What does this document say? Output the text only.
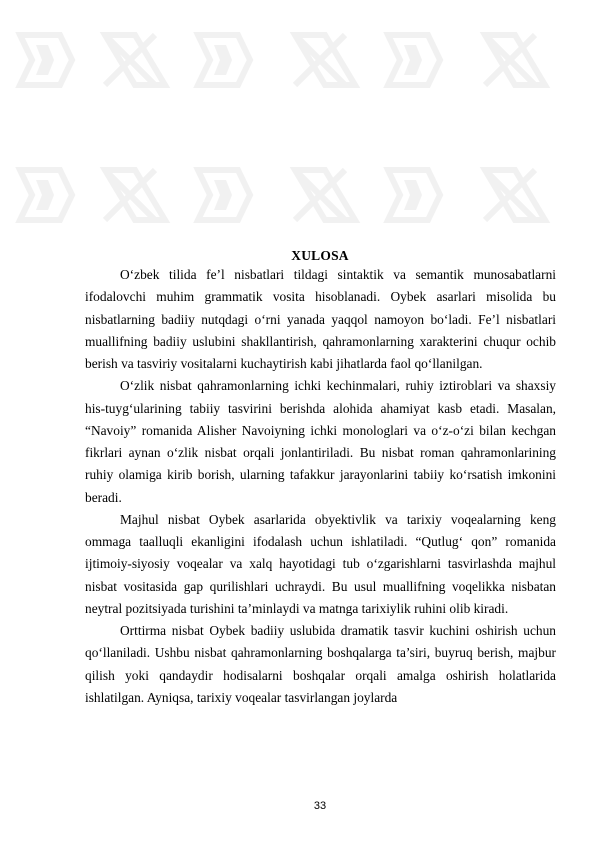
XULOSA

O‘zbek tilida fe’l nisbatlari tildagi sintaktik va semantik munosabatlarni ifodalovchi muhim grammatik vosita hisoblanadi. Oybek asarlari misolida bu nisbatlarning badiiy nutqdagi o‘rni yanada yaqqol namoyon bo‘ladi. Fe’l nisbatlari muallifning badiiy uslubini shakllantirish, qahramonlarning xarakterini chuqur ochib berish va tasviriy vositalarni kuchaytirish kabi jihatlarda faol qo‘llanilgan.

O‘zlik nisbat qahramonlarning ichki kechinmalari, ruhiy iztiroblari va shaxsiy his-tuyg‘ularining tabiiy tasvirini berishda alohida ahamiyat kasb etadi. Masalan, “Navoiy” romanida Alisher Navoiyning ichki monologlari va o‘z-o‘zi bilan kechgan fikrlari aynan o‘zlik nisbat orqali jonlantiriladi. Bu nisbat roman qahramonlarining ruhiy olamiga kirib borish, ularning tafakkur jarayonlarini tabiiy ko‘rsatish imkonini beradi.

Majhul nisbat Oybek asarlarida obyektivlik va tarixiy voqealarning keng ommaga taalluqli ekanligini ifodalash uchun ishlatiladi. “Qutlug‘ qon” romanida ijtimoiy-siyosiy voqealar va xalq hayotidagi tub o‘zgarishlarni tasvirlashda majhul nisbat vositasida gap qurilishlari uchraydi. Bu usul muallifning voqelikka nisbatan neytral pozitsiyada turishini ta’minlaydi va matnga tarixiylik ruhini olib kiradi.

Orttirma nisbat Oybek badiiy uslubida dramatik tasvir kuchini oshirish uchun qo‘llaniladi. Ushbu nisbat qahramonlarning boshqalarga ta’siri, buyruq berish, majbur qilish yoki qandaydir hodisalarni boshqalar orqali amalga oshirish holatlarida ishlatilgan. Ayniqsa, tarixiy voqealar tasvirlangan joylarda

33
